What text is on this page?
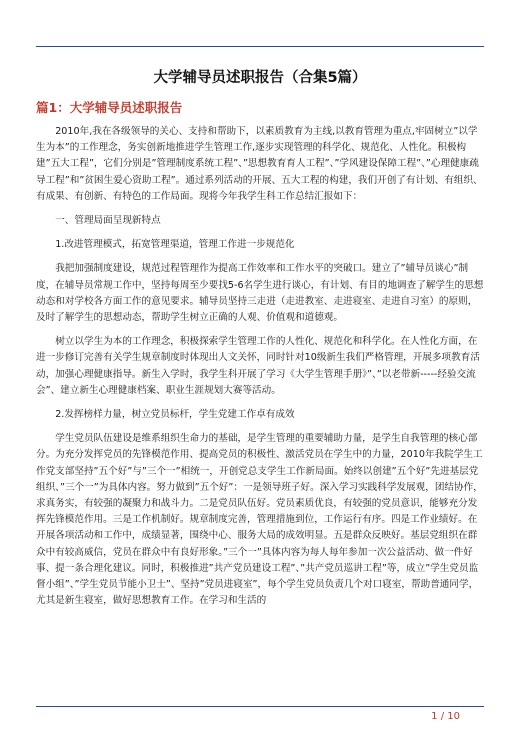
大学辅导员述职报告（合集5篇）
篇1：大学辅导员述职报告

2010年,我在各级领导的关心、支持和帮助下，以素质教育为主线,以教育管理为重点,牢固树立”以学生为本”的工作理念，务实创新地推进学生管理工作,逐步实现管理的科学化、规范化、人性化。积极构建”五大工程”，它们分别是”管理制度系统工程”、”思想教育育人工程”、”学风建设保障工程”、”心理健康疏导工程”和”贫困生爱心资助工程”。通过系列活动的开展、五大工程的构建，我们开创了有计划、有组织、有成果、有创新、有特色的工作局面。现将今年我学生科工作总结汇报如下：

一、管理局面呈现新特点

1.改进管理模式，拓宽管理渠道，管理工作进一步规范化

我把加强制度建设，规范过程管理作为提高工作效率和工作水平的突破口。建立了”辅导员谈心”制度，在辅导员常规工作中，坚持每周至少要找5-6名学生进行谈心，有计划、有目的地调查了解学生的思想动态和对学校各方面工作的意见要求。辅导员坚持三走进（走进教室、走进寝室、走进自习室）的原则，及时了解学生的思想动态，帮助学生树立正确的人观、价值观和道德观。

树立以学生为本的工作理念，积极探索学生管理工作的人性化、规范化和科学化。在人性化方面，在进一步修订完善有关学生规章制度时体现出人文关怀，同时针对10级新生我们严格管理，开展多项教育活动，加强心理健康指导。新生入学时，我学生科开展了学习《大学生管理手册》”、”以老带新-----经验交流会”、建立新生心理健康档案、职业生涯规划大赛等活动。

2.发挥榜样力量，树立党员标杆，学生党建工作卓有成效

学生党员队伍建设是维系组织生命力的基础，是学生管理的重要辅助力量，是学生自我管理的核心部分。为充分发挥党员的先锋模范作用、提高党员的积极性、激活党员在学生中的力量，2010年我院学生工作党支部坚持”五个好”与”三个一”相统一，开创党总支学生工作新局面。始终以创建”五个好”先进基层党组织、”三个一”为具体内容。努力做到”五个好”：一是领导班子好。深入学习实践科学发展观，团结协作，求真务实，有较强的凝聚力和战斗力。二是党员队伍好。党员素质优良，有较强的党员意识，能够充分发挥先锋模范作用。三是工作机制好。规章制度完善，管理措施到位，工作运行有序。四是工作业绩好。在开展各项活动和工作中，成绩显著，围绕中心、服务大局的成效明显。五是群众反映好。基层党组织在群众中有较高威信，党员在群众中有良好形象。”三个一”具体内容为每人每年参加一次公益活动、做一件好事、提一条合理化建议。同时，积极推进”共产党员建设工程”、”共产党员巡讲工程”等，成立”学生党员监督小组”、”学生党员节能小卫士”、坚持”党员进寝室”，每个学生党员负责几个对口寝室，帮助普通同学，尤其是新生寝室，做好思想教育工作。在学习和生活的

1 / 10
